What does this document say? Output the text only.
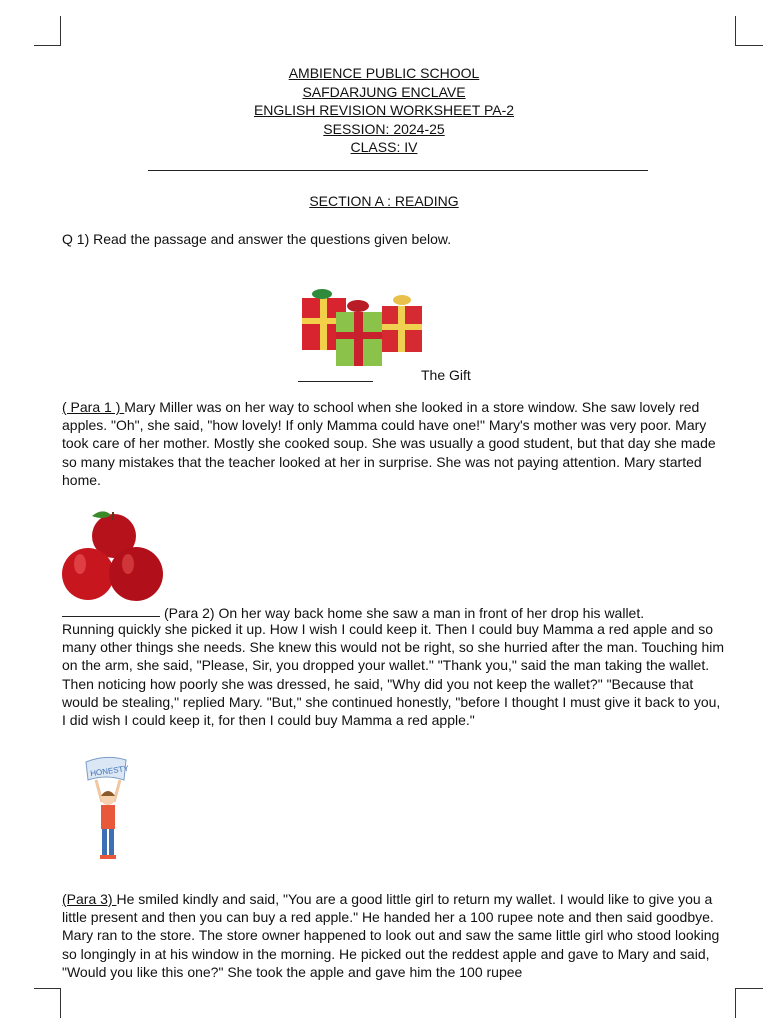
AMBIENCE PUBLIC SCHOOL
SAFDARJUNG ENCLAVE
ENGLISH REVISION WORKSHEET PA-2
SESSION: 2024-25
CLASS: IV
SECTION A : READING
Q 1) Read the passage and answer the questions given below.
The Gift
( Para 1 ) Mary Miller was on her way to school when she looked in a store window. She saw lovely red apples. "Oh", she said, "how lovely! If only Mamma could have one!" Mary's mother was very poor. Mary took care of her mother. Mostly she cooked soup. She was usually a good student, but that day she made so many mistakes that the teacher looked at her in surprise. She was not paying attention. Mary started home.
(Para 2) On her way back home she saw a man in front of her drop his wallet.
Running quickly she picked it up. How I wish I could keep it. Then I could buy Mamma a red apple and so many other things she needs. She knew this would not be right, so she hurried after the man. Touching him on the arm, she said, "Please, Sir, you dropped your wallet." "Thank you," said the man taking the wallet. Then noticing how poorly she was dressed, he said, "Why did you not keep the wallet?" "Because that would be stealing," replied Mary. "But," she continued honestly, "before I thought I must give it back to you, I did wish I could keep it, for then I could buy Mamma a red apple."
HONESTY
(Para 3) He smiled kindly and said, "You are a good little girl to return my wallet. I would like to give you a little present and then you can buy a red apple." He handed her a 100 rupee note and then said goodbye. Mary ran to the store. The store owner happened to look out and saw the same little girl who stood looking so longingly in at his window in the morning. He picked out the reddest apple and gave to Mary and said, "Would you like this one?" She took the apple and gave him the 100 rupee
